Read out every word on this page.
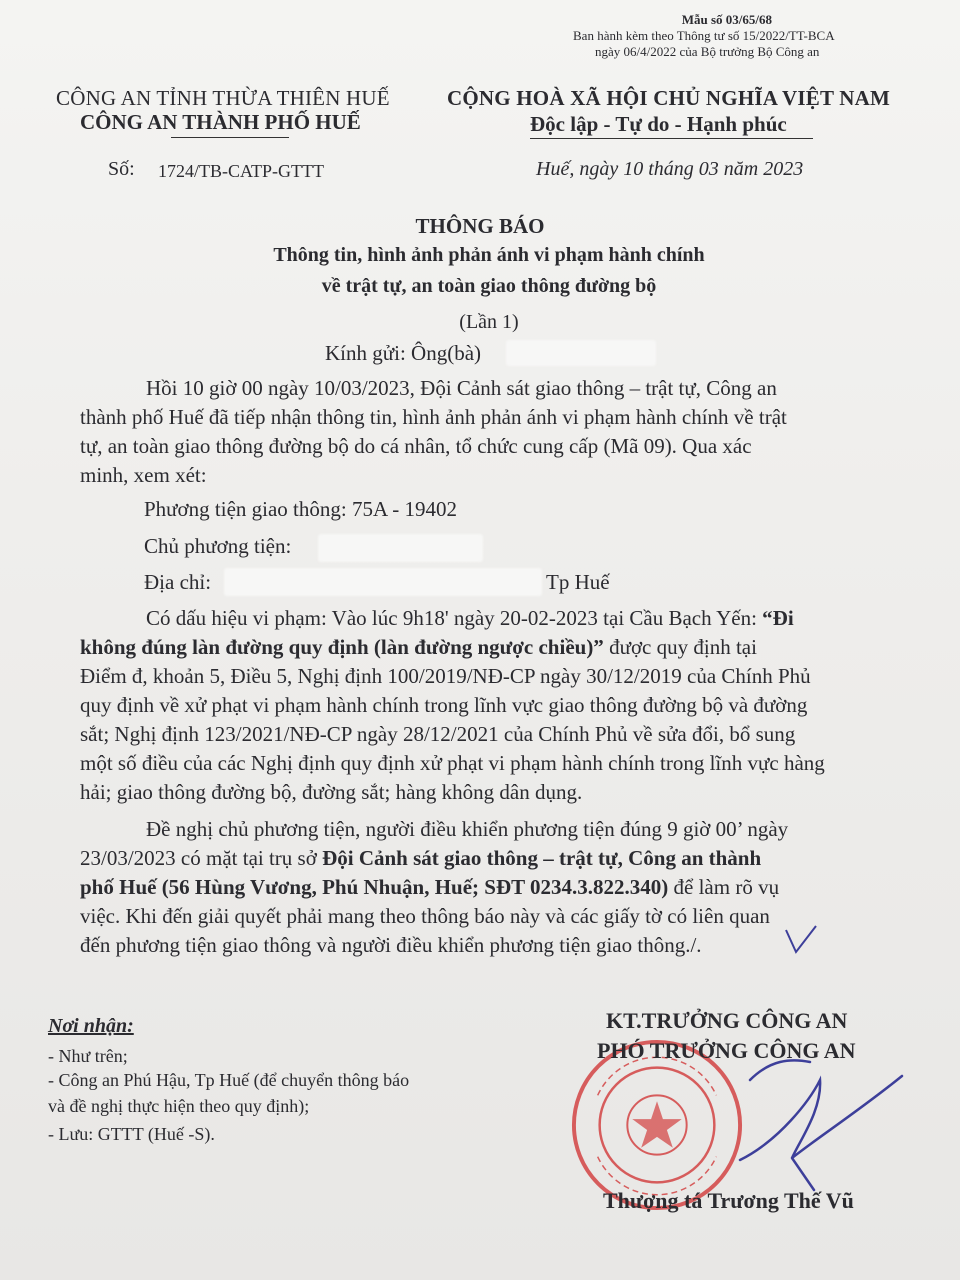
Mẫu số 03/65/68
Ban hành kèm theo Thông tư số 15/2022/TT-BCA
ngày 06/4/2022 của Bộ trưởng Bộ Công an
CÔNG AN TỈNH THỪA THIÊN HUẾ
CÔNG AN THÀNH PHỐ HUẾ
CỘNG HOÀ XÃ HỘI CHỦ NGHĨA VIỆT NAM
Độc lập - Tự do - Hạnh phúc
Số: 1724/TB-CATP-GTTT	Huế, ngày 10 tháng 03 năm 2023
THÔNG BÁO
Thông tin, hình ảnh phản ánh vi phạm hành chính
về trật tự, an toàn giao thông đường bộ
(Lần 1)
Kính gửi: Ông(bà)
Hồi 10 giờ 00 ngày 10/03/2023, Đội Cảnh sát giao thông – trật tự, Công an
thành phố Huế đã tiếp nhận thông tin, hình ảnh phản ánh vi phạm hành chính về trật
tự, an toàn giao thông đường bộ do cá nhân, tổ chức cung cấp (Mã 09). Qua xác
minh, xem xét:
Phương tiện giao thông: 75A - 19402
Chủ phương tiện:
Địa chỉ:	Tp Huế
Có dấu hiệu vi phạm: Vào lúc 9h18' ngày 20-02-2023 tại Cầu Bạch Yến: “Đi
không đúng làn đường quy định (làn đường ngược chiều)” được quy định tại
Điểm đ, khoản 5, Điều 5, Nghị định 100/2019/NĐ-CP ngày 30/12/2019 của Chính Phủ
quy định về xử phạt vi phạm hành chính trong lĩnh vực giao thông đường bộ và đường
sắt; Nghị định 123/2021/NĐ-CP ngày 28/12/2021 của Chính Phủ về sửa đổi, bổ sung
một số điều của các Nghị định quy định xử phạt vi phạm hành chính trong lĩnh vực hàng
hải; giao thông đường bộ, đường sắt; hàng không dân dụng.
Đề nghị chủ phương tiện, người điều khiển phương tiện đúng 9 giờ 00’ ngày
23/03/2023 có mặt tại trụ sở Đội Cảnh sát giao thông – trật tự, Công an thành
phố Huế (56 Hùng Vương, Phú Nhuận, Huế; SĐT 0234.3.822.340) để làm rõ vụ
việc. Khi đến giải quyết phải mang theo thông báo này và các giấy tờ có liên quan
đến phương tiện giao thông và người điều khiển phương tiện giao thông./.
Nơi nhận:
- Như trên;
- Công an Phú Hậu, Tp Huế (để chuyển thông báo
và đề nghị thực hiện theo quy định);
- Lưu: GTTT (Huế -S).
KT.TRƯỞNG CÔNG AN
PHÓ TRƯỞNG CÔNG AN
Thượng tá Trương Thế Vũ
